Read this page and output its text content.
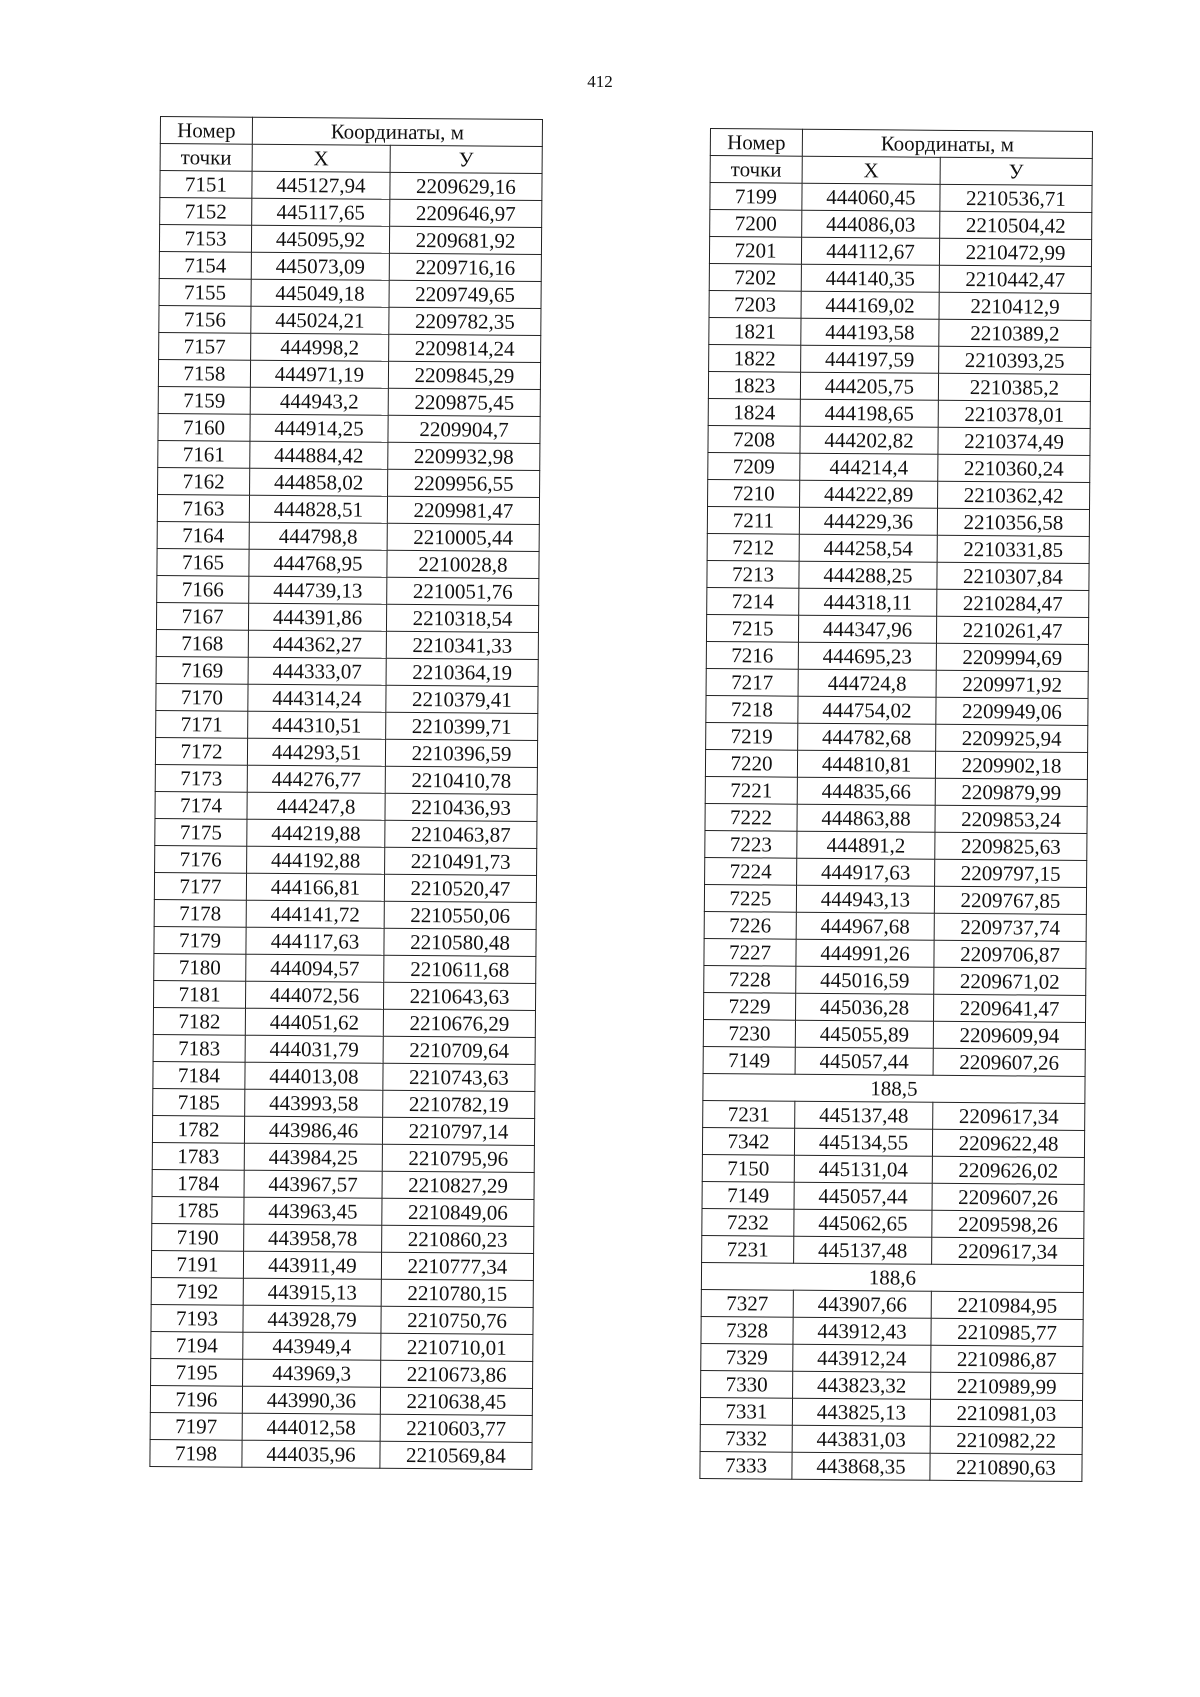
412
Номер	Координаты, м	
точки	X	У
7151	445127,94	2209629,16
7152	445117,65	2209646,97
7153	445095,92	2209681,92
7154	445073,09	2209716,16
7155	445049,18	2209749,65
7156	445024,21	2209782,35
7157	444998,2	2209814,24
7158	444971,19	2209845,29
7159	444943,2	2209875,45
7160	444914,25	2209904,7
7161	444884,42	2209932,98
7162	444858,02	2209956,55
7163	444828,51	2209981,47
7164	444798,8	2210005,44
7165	444768,95	2210028,8
7166	444739,13	2210051,76
7167	444391,86	2210318,54
7168	444362,27	2210341,33
7169	444333,07	2210364,19
7170	444314,24	2210379,41
7171	444310,51	2210399,71
7172	444293,51	2210396,59
7173	444276,77	2210410,78
7174	444247,8	2210436,93
7175	444219,88	2210463,87
7176	444192,88	2210491,73
7177	444166,81	2210520,47
7178	444141,72	2210550,06
7179	444117,63	2210580,48
7180	444094,57	2210611,68
7181	444072,56	2210643,63
7182	444051,62	2210676,29
7183	444031,79	2210709,64
7184	444013,08	2210743,63
7185	443993,58	2210782,19
1782	443986,46	2210797,14
1783	443984,25	2210795,96
1784	443967,57	2210827,29
1785	443963,45	2210849,06
7190	443958,78	2210860,23
7191	443911,49	2210777,34
7192	443915,13	2210780,15
7193	443928,79	2210750,76
7194	443949,4	2210710,01
7195	443969,3	2210673,86
7196	443990,36	2210638,45
7197	444012,58	2210603,77
7198	444035,96	2210569,84
Номер	Координаты, м	
точки	X	У
7199	444060,45	2210536,71
7200	444086,03	2210504,42
7201	444112,67	2210472,99
7202	444140,35	2210442,47
7203	444169,02	2210412,9
1821	444193,58	2210389,2
1822	444197,59	2210393,25
1823	444205,75	2210385,2
1824	444198,65	2210378,01
7208	444202,82	2210374,49
7209	444214,4	2210360,24
7210	444222,89	2210362,42
7211	444229,36	2210356,58
7212	444258,54	2210331,85
7213	444288,25	2210307,84
7214	444318,11	2210284,47
7215	444347,96	2210261,47
7216	444695,23	2209994,69
7217	444724,8	2209971,92
7218	444754,02	2209949,06
7219	444782,68	2209925,94
7220	444810,81	2209902,18
7221	444835,66	2209879,99
7222	444863,88	2209853,24
7223	444891,2	2209825,63
7224	444917,63	2209797,15
7225	444943,13	2209767,85
7226	444967,68	2209737,74
7227	444991,26	2209706,87
7228	445016,59	2209671,02
7229	445036,28	2209641,47
7230	445055,89	2209609,94
7149	445057,44	2209607,26
188,5		
7231	445137,48	2209617,34
7342	445134,55	2209622,48
7150	445131,04	2209626,02
7149	445057,44	2209607,26
7232	445062,65	2209598,26
7231	445137,48	2209617,34
188,6		
7327	443907,66	2210984,95
7328	443912,43	2210985,77
7329	443912,24	2210986,87
7330	443823,32	2210989,99
7331	443825,13	2210981,03
7332	443831,03	2210982,22
7333	443868,35	2210890,63
